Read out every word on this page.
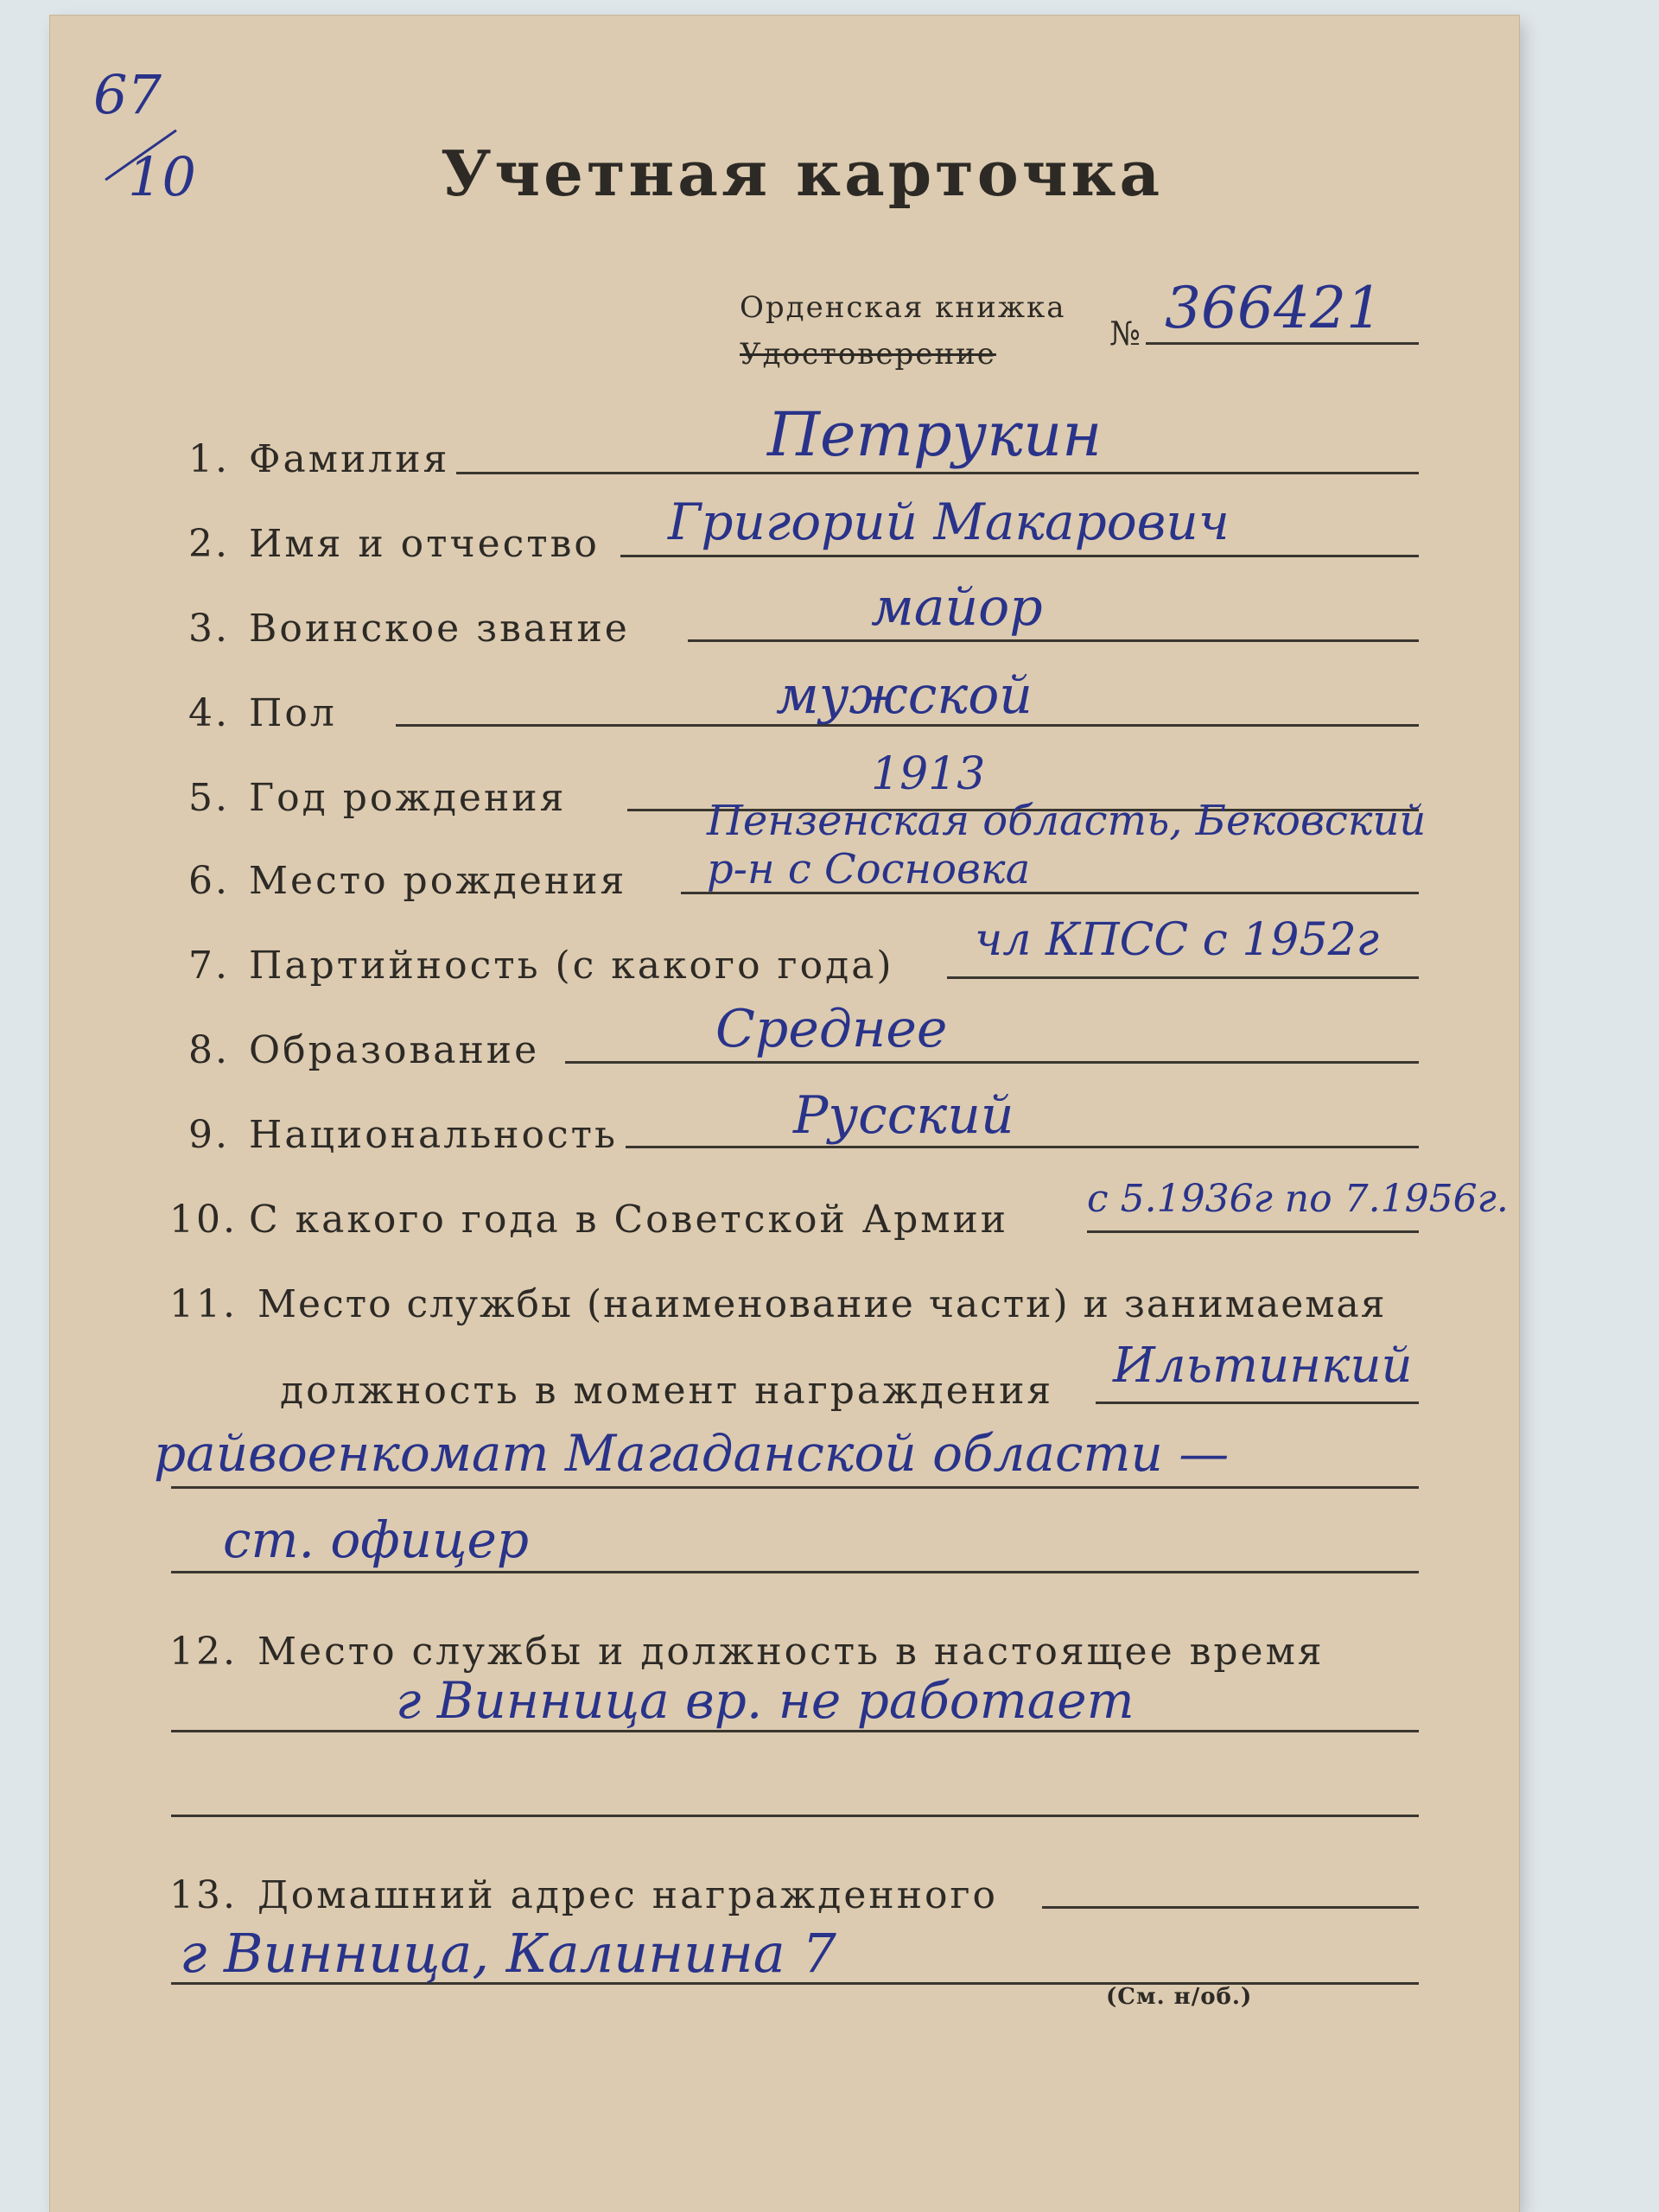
67
10	Учетная карточка
Орденская книжка
Удостоверение
№ 366421
1. Фамилия	Петрукин
2. Имя и отчество Григорий Макарович
3. Воинское звание	майор
4. Пол	мужской
5. Год рождения	1913
6. Место рождения
Пензенская область, Бековский
р-н с Сосновка
7. Партийность (с какого года) чл КПСС с 1952г
8. Образование	Среднее
9. Национальность	Русский
10. С какого года в Советской Армии с 5.1936г по 7.1956г.
11. Место службы (наименование части) и занимаемая
должность в момент награждения Ильтинкий
райвоенкомат Магаданской области —
ст. офицер
12. Место службы и должность в настоящее время
г Винница вр. не работает
13. Домашний адрес награжденного
г Винница, Калинина 7
(См. н/об.)
